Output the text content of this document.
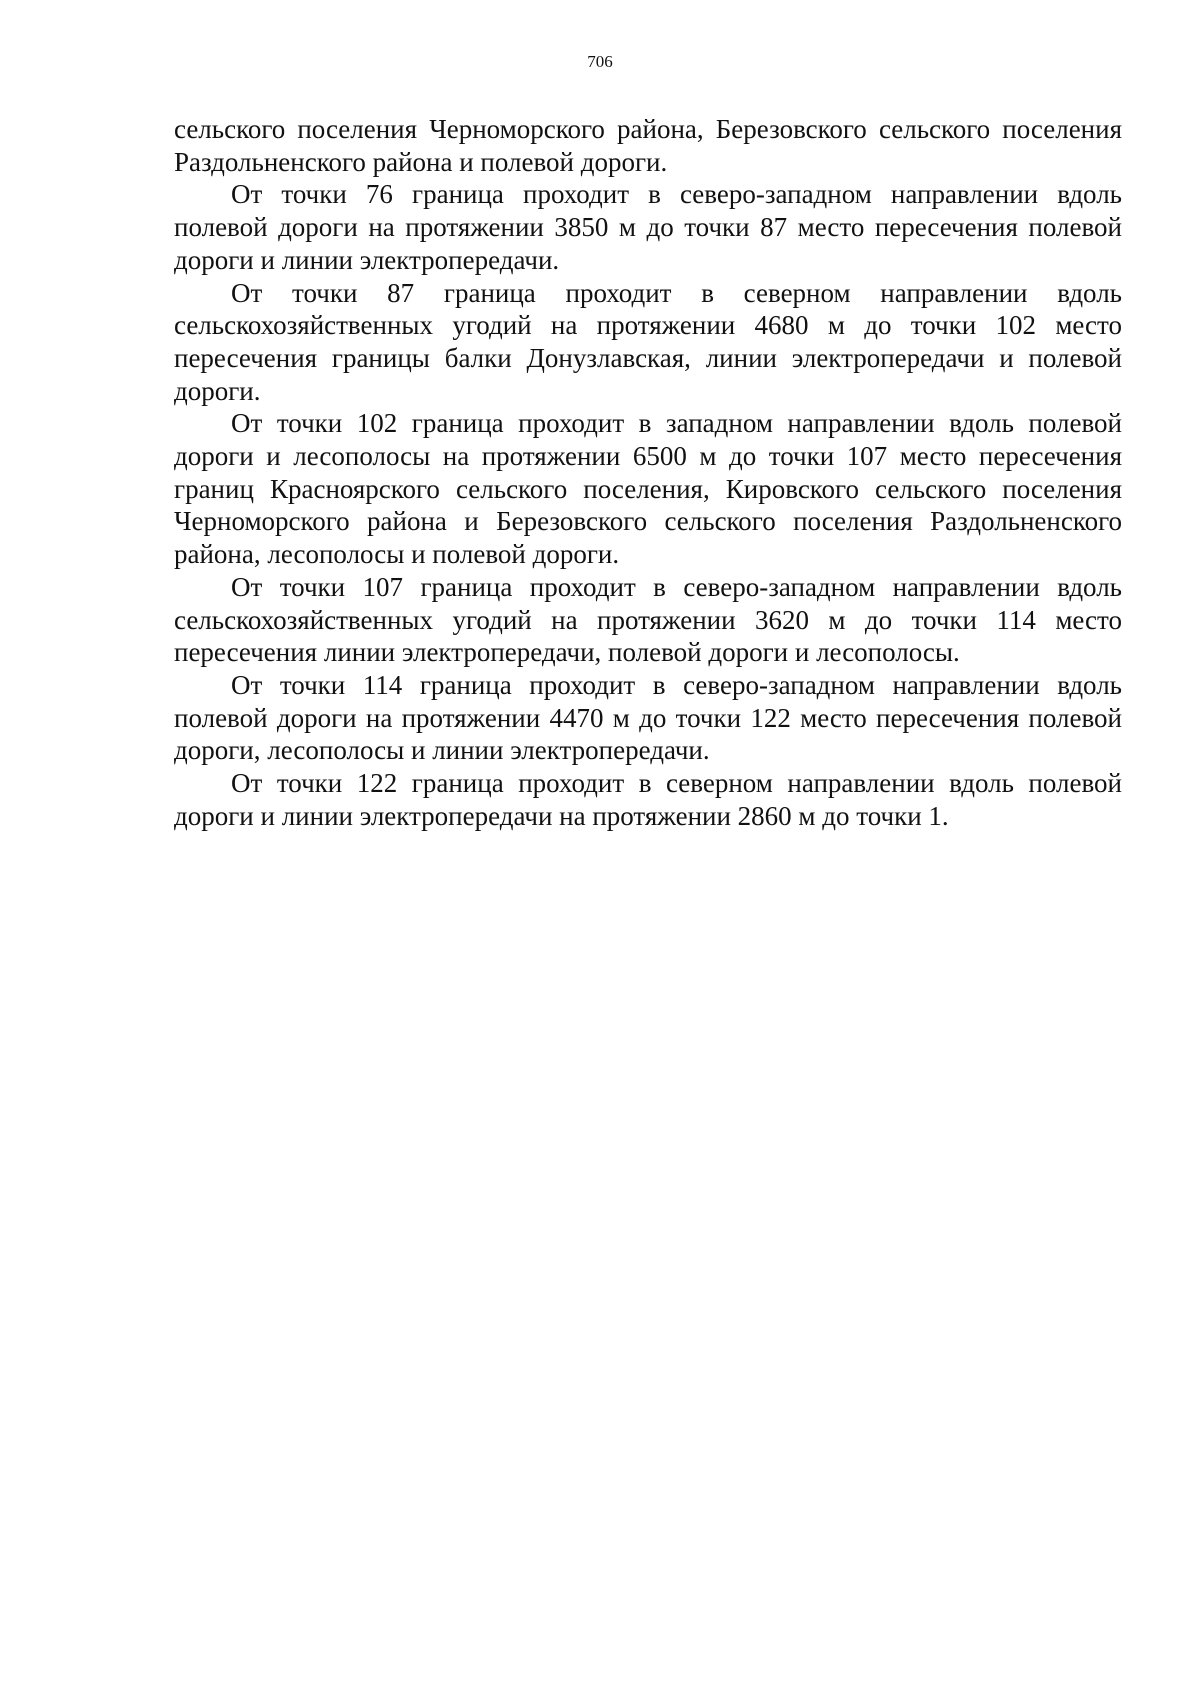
706

сельского поселения Черноморского района, Березовского сельского поселения Раздольненского района и полевой дороги.

От точки 76 граница проходит в северо-западном направлении вдоль полевой дороги на протяжении 3850 м до точки 87 место пересечения полевой дороги и линии электропередачи.

От точки 87 граница проходит в северном направлении вдоль сельскохозяйственных угодий на протяжении 4680 м до точки 102 место пересечения границы балки Донузлавская, линии электропередачи и полевой дороги.

От точки 102 граница проходит в западном направлении вдоль полевой дороги и лесополосы на протяжении 6500 м до точки 107 место пересечения границ Красноярского сельского поселения, Кировского сельского поселения Черноморского района и Березовского сельского поселения Раздольненского района, лесополосы и полевой дороги.

От точки 107 граница проходит в северо-западном направлении вдоль сельскохозяйственных угодий на протяжении 3620 м до точки 114 место пересечения линии электропередачи, полевой дороги и лесополосы.

От точки 114 граница проходит в северо-западном направлении вдоль полевой дороги на протяжении 4470 м до точки 122 место пересечения полевой дороги, лесополосы и линии электропередачи.

От точки 122 граница проходит в северном направлении вдоль полевой дороги и линии электропередачи на протяжении 2860 м до точки 1.
